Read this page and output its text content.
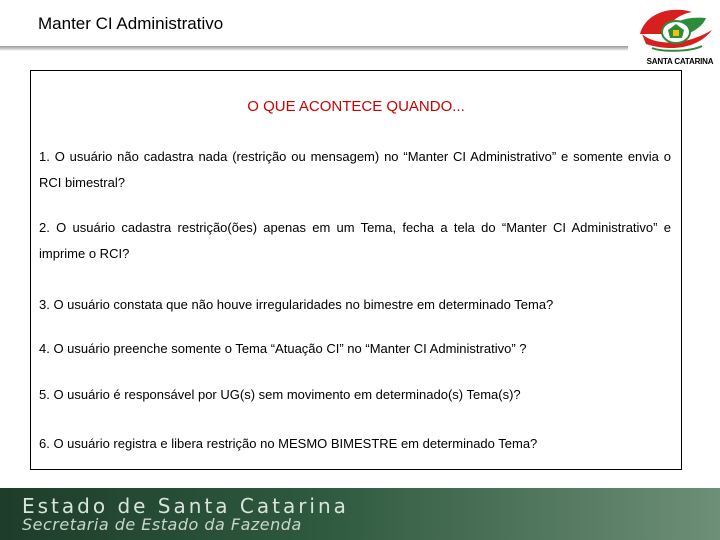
Manter CI Administrativo
SANTA CATARINA
O QUE ACONTECE QUANDO...
1. O usuário não cadastra nada (restrição ou mensagem) no “Manter CI Administrativo” e somente envia o RCI bimestral?
2. O usuário cadastra restrição(ões) apenas em um Tema, fecha a tela do “Manter CI Administrativo” e imprime o RCI?
3. O usuário constata que não houve irregularidades no bimestre em determinado Tema?
4. O usuário preenche somente o Tema “Atuação CI” no “Manter CI Administrativo” ?
5. O usuário é responsável por UG(s) sem movimento em determinado(s) Tema(s)?
6. O usuário registra e libera restrição no MESMO BIMESTRE em determinado Tema?
Estado de Santa Catarina
Secretaria de Estado da Fazenda
